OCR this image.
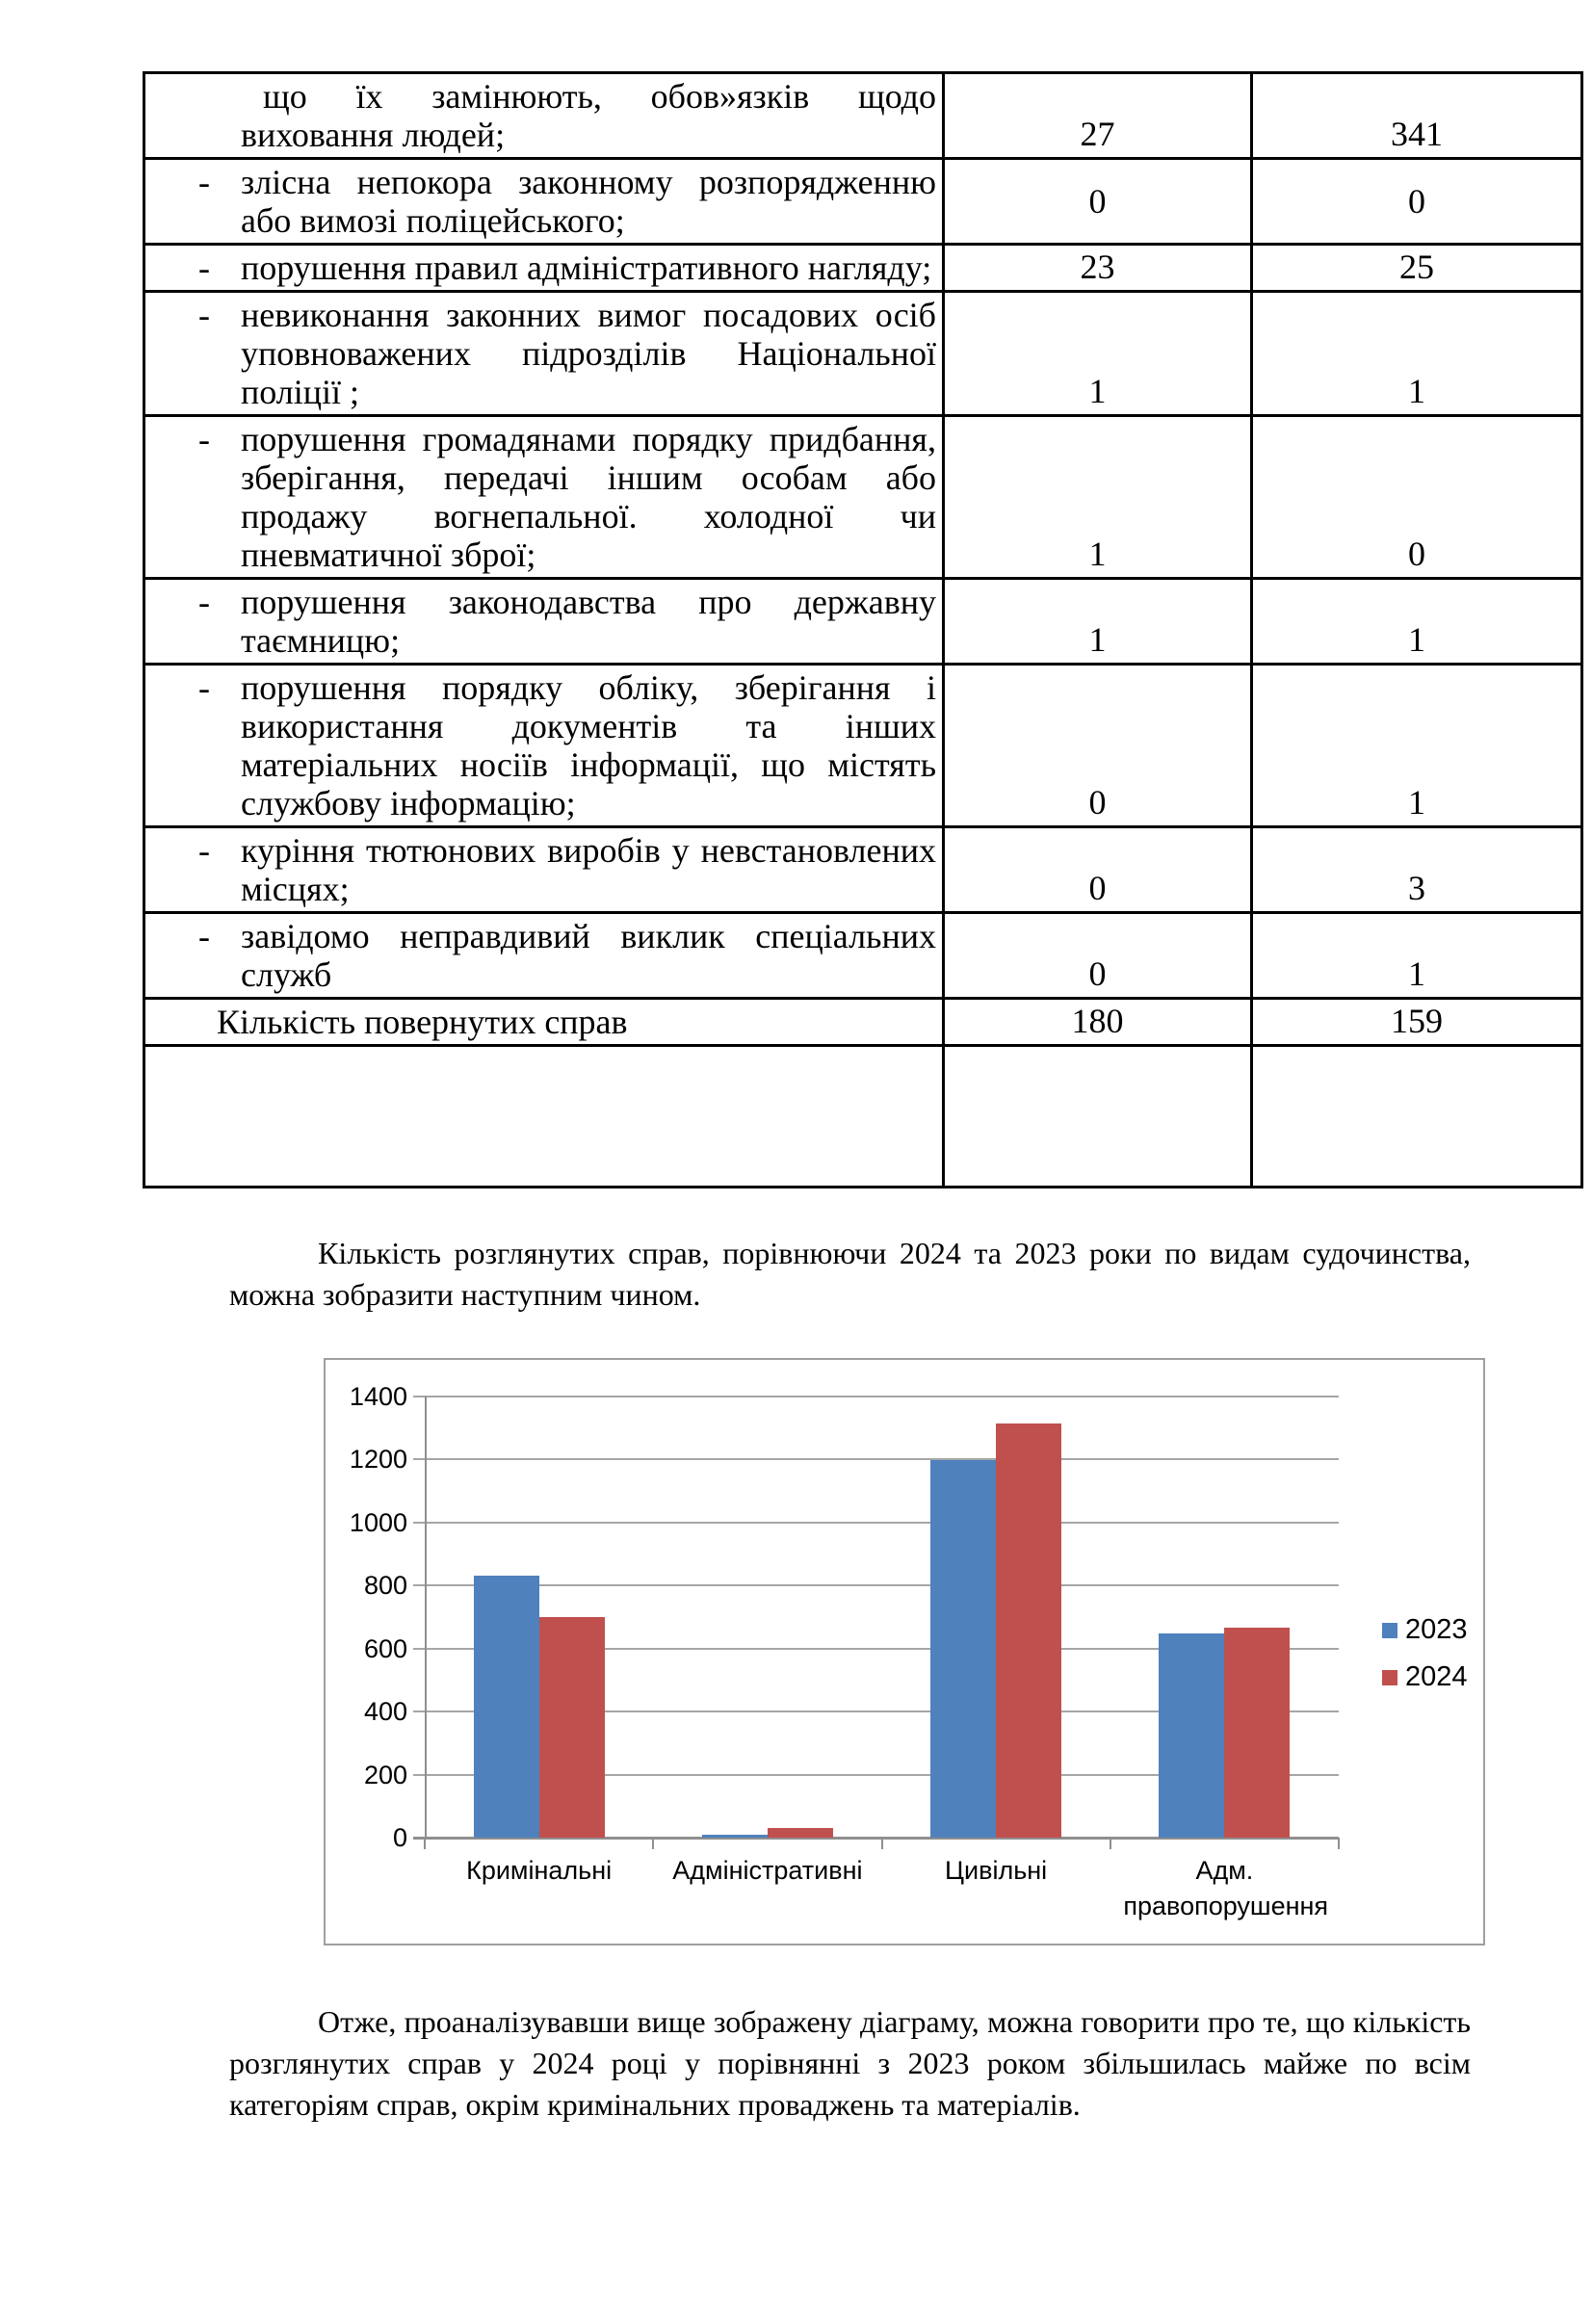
що їх замінюють, обов»язків щодо виховання людей;	27	341

- злісна непокора законному розпорядженню або вимозі поліцейського;	0	0

- порушення правил адміністративного нагляду;	23	25

- невиконання законних вимог посадових осіб уповноважених підрозділів Національної поліції ;	1	1

- порушення громадянами порядку придбання, зберігання, передачі іншим особам або продажу вогнепальної. холодної чи пневматичної зброї;	1	0

- порушення законодавства про державну таємницю;	1	1

- порушення порядку обліку, зберігання і використання документів та інших матеріальних носіїв інформації, що містять службову інформацію;	0	1

- куріння тютюнових виробів у невстановлених місцях;	0	3

- завідомо неправдивий виклик спеціальних служб	0	1

Кількість повернутих справ	180	159

Кількість розглянутих справ, порівнюючи 2024 та 2023 роки по видам судочинства, можна зобразити наступним чином.

0
200
400
600
800
1000
1200
1400
Кримінальні	Адміністративні	Цивільні	Адм. правопорушення
2023
2024

Отже, проаналізувавши вище зображену діаграму, можна говорити про те, що кількість розглянутих справ у 2024 році у порівнянні з 2023 роком збільшилась майже по всім категоріям справ, окрім кримінальних проваджень та матеріалів.
